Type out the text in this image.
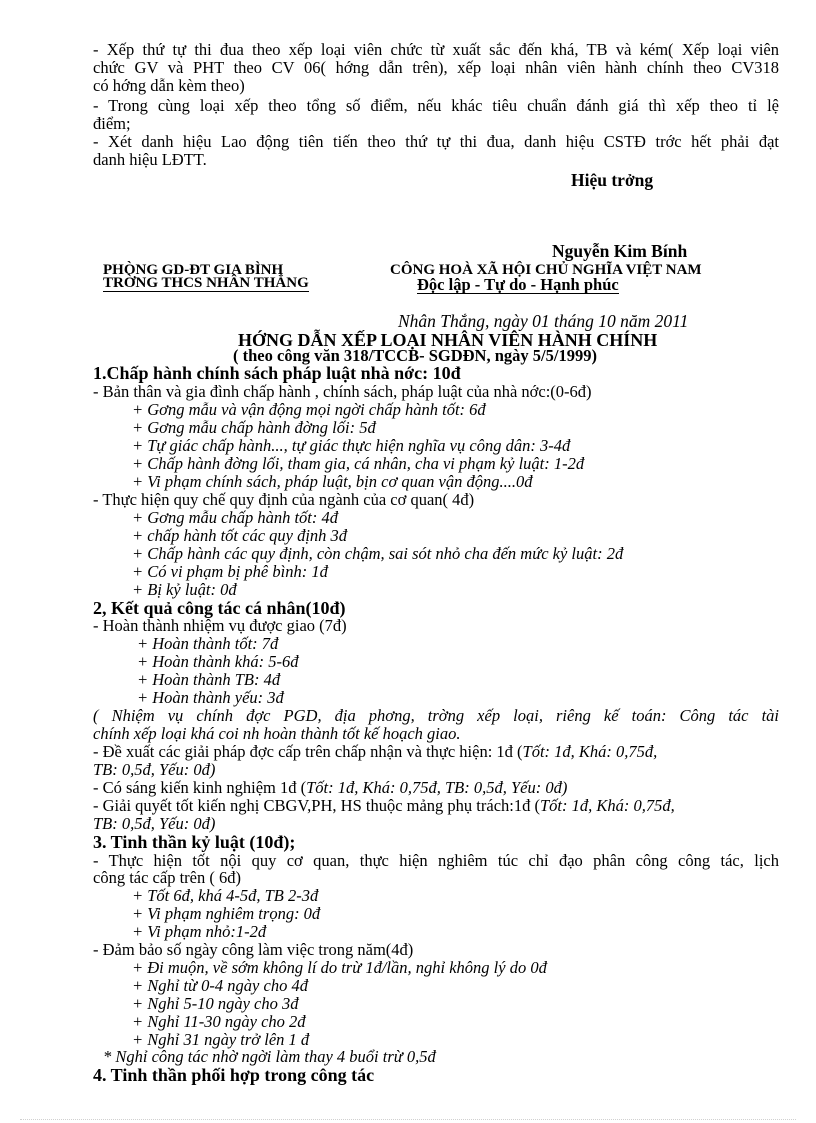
- Xếp thứ tự thi đua theo xếp loại viên chức từ xuất sắc đến khá, TB và kém( Xếp loại viên
chức GV và PHT theo CV 06( hớng dẫn trên), xếp loại nhân viên hành chính theo CV318
có hớng dẫn kèm theo)
- Trong cùng loại xếp theo tổng số điểm, nếu khác tiêu chuẩn đánh giá thì xếp theo tỉ lệ
điểm;
- Xét danh hiệu Lao động tiên tiến theo thứ tự thi đua, danh hiệu CSTĐ trớc hết phải đạt
danh hiệu LĐTT.
Hiệu trởng
Nguyễn Kim Bính
PHÒNG GD-ĐT GIA BÌNH
TRỜNG THCS NHÂN THẮNG
CÔNG HOÀ XÃ HỘI CHỦ NGHĨA VIỆT NAM
Độc lập - Tự do - Hạnh phúc
Nhân Thắng, ngày 01 tháng 10 năm 2011
HỚNG DẪN XẾP LOẠI NHÂN VIÊN HÀNH CHÍNH
( theo công văn 318/TCCB- SGDĐN, ngày 5/5/1999)
1.Chấp hành chính sách pháp luật nhà nớc: 10đ
- Bản thân và gia đình chấp hành , chính sách, pháp luật của nhà nớc:(0-6đ)
+ Gơng mẫu và vận động mọi ngời chấp hành tốt: 6đ
+ Gơng mẫu chấp hành đờng lối: 5đ
+ Tự giác chấp hành..., tự giác thực hiện nghĩa vụ công dân: 3-4đ
+ Chấp hành đờng lối, tham gia, cá nhân, cha vi phạm kỷ luật: 1-2đ
+ Vi phạm chính sách, pháp luật, bịn cơ quan vận động....0đ
- Thực hiện quy chế quy định của ngành của cơ quan( 4đ)
+ Gơng mẫu chấp hành tốt: 4đ
+ chấp hành tốt các quy định 3đ
+ Chấp hành các quy định, còn chậm, sai sót nhỏ cha đến mức kỷ luật: 2đ
+ Có vi phạm bị phê bình: 1đ
+ Bị kỷ luật: 0đ
2, Kết quả công tác cá nhân(10đ)
- Hoàn thành nhiệm vụ được giao (7đ)
+ Hoàn thành tốt: 7đ
+ Hoàn thành khá: 5-6đ
+ Hoàn thành TB: 4đ
+ Hoàn thành yếu: 3đ
( Nhiệm vụ chính đợc PGD, địa phơng, trờng xếp loại, riêng kế toán: Công tác tài
chính xếp loại khá coi nh hoàn thành tốt kế hoạch giao.
- Đề xuất các giải pháp đợc cấp trên chấp nhận và thực hiện: 1đ (Tốt: 1đ, Khá: 0,75đ,
TB: 0,5đ, Yếu: 0đ)
- Có sáng kiến kinh nghiệm 1đ (Tốt: 1đ, Khá: 0,75đ, TB: 0,5đ, Yếu: 0đ)
- Giải quyết tốt kiến nghị CBGV,PH, HS thuộc mảng phụ trách:1đ (Tốt: 1đ, Khá: 0,75đ,
TB: 0,5đ, Yếu: 0đ)
3. Tinh thần kỷ luật (10đ);
- Thực hiện tốt nội quy cơ quan, thực hiện nghiêm túc chỉ đạo phân công công tác, lịch
công tác cấp trên ( 6đ)
+ Tốt 6đ, khá 4-5đ, TB 2-3đ
+ Vi phạm nghiêm trọng: 0đ
+ Vi phạm nhỏ:1-2đ
- Đảm bảo số ngày công làm việc trong năm(4đ)
+ Đi muộn, về sớm không lí do trừ 1đ/lần, nghỉ không lý do 0đ
+ Nghỉ từ 0-4 ngày cho 4đ
+ Nghỉ 5-10 ngày cho 3đ
+ Nghỉ 11-30 ngày cho 2đ
+ Nghỉ 31 ngày trở lên 1 đ
* Nghỉ công tác nhờ ngời làm thay 4 buổi trừ 0,5đ
4. Tinh thần phối hợp trong công tác
